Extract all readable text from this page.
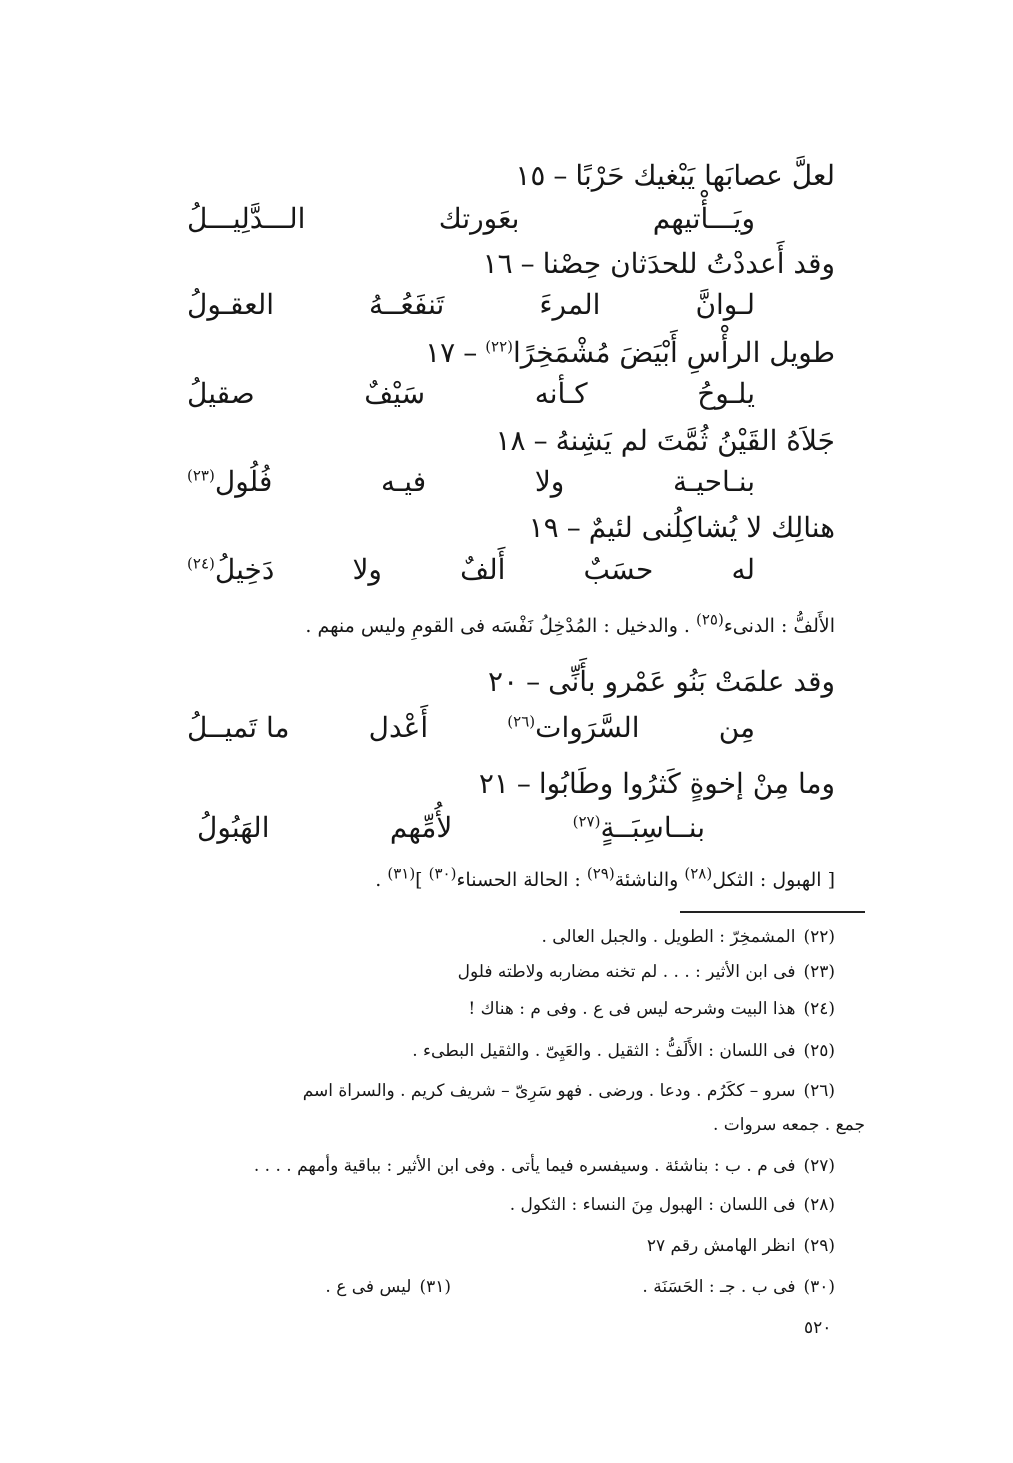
١٥ – لعلَّ عصابَها يَبْغيك حَرْبًا
ويَـــأْتيهم
بعَورتك
الـــدَّلِيـــلُ
١٦ – وقد أَعددْتُ للحدَثان حِصْنا
لـوانَّ
المرءَ
تَنفَعُــهُ
العقـولُ
١٧ – طويل الرأْسِ أَبْيَضَ مُشْمَخِرًا$^{(٢٢)}$
يلـوحُ
كـأنه
سَيْفٌ
صقيلُ
١٨ – جَلاَهُ القَيْنُ ثُمَّتَ لم يَشِنهُ
بنـاحيـة
ولا
فيـه
فُلُول$^{(٢٣)}$
١٩ – هنالِك لا يُشاكِلُنى لئيمٌ
له
حسَبٌ
أَلفٌ
ولا
دَخِيلُ$^{(٢٤)}$
الأَلفُّ : الدنىء$^{(٢٥)}$ . والدخيل : المُدْخِلُ نَفْسَه فى القومِ وليس منهم .
٢٠ – وقد علمَتْ بَنُو عَمْرو بأَنِّى
مِن
السَّرَوات$^{(٢٦)}$
أَعْدل
ما تَميــلُ
٢١ – وما مِنْ إخوةٍ كَثرُوا وطَابُوا
بنــاسِبَــةٍ$^{(٢٧)}$
لأُمِّهم
الهَبُولُ
[ الهبول : الثكل$^{(٢٨)}$ والناشئة$^{(٢٩)}$ : الحالة الحسناء$^{(٣٠)}$ ]$^{(٣١)}$ .
(٢٢)المشمخِرّ : الطويل . والجبل العالى .
(٢٣)فى ابن الأثير : . . . لم تخنه مضاربه ولاطته فلول
(٢٤)هذا البيت وشرحه ليس فى ع . وفى م : هناك !
(٢٥)فى اللسان : الأَلَفُّ : الثقيل . والعَيِىّ . والثقيل البطىء .
(٢٦)سرو – ككَرُم . ودعا . ورضى . فهو سَرِىّ – شريف كريم . والسراة اسم
جمع . جمعه سروات .
(٢٧)فى م . ب : بناشئة . وسيفسره فيما يأتى . وفى ابن الأثير : بباقية وأمهم . . . .
(٢٨)فى اللسان : الهبول مِنَ النساء : الثكول .
(٢٩)انظر الهامش رقم ٢٧
(٣٠)فى ب . جـ : الحَسَنَة .
(٣١)ليس فى ع .
٥٢٠
